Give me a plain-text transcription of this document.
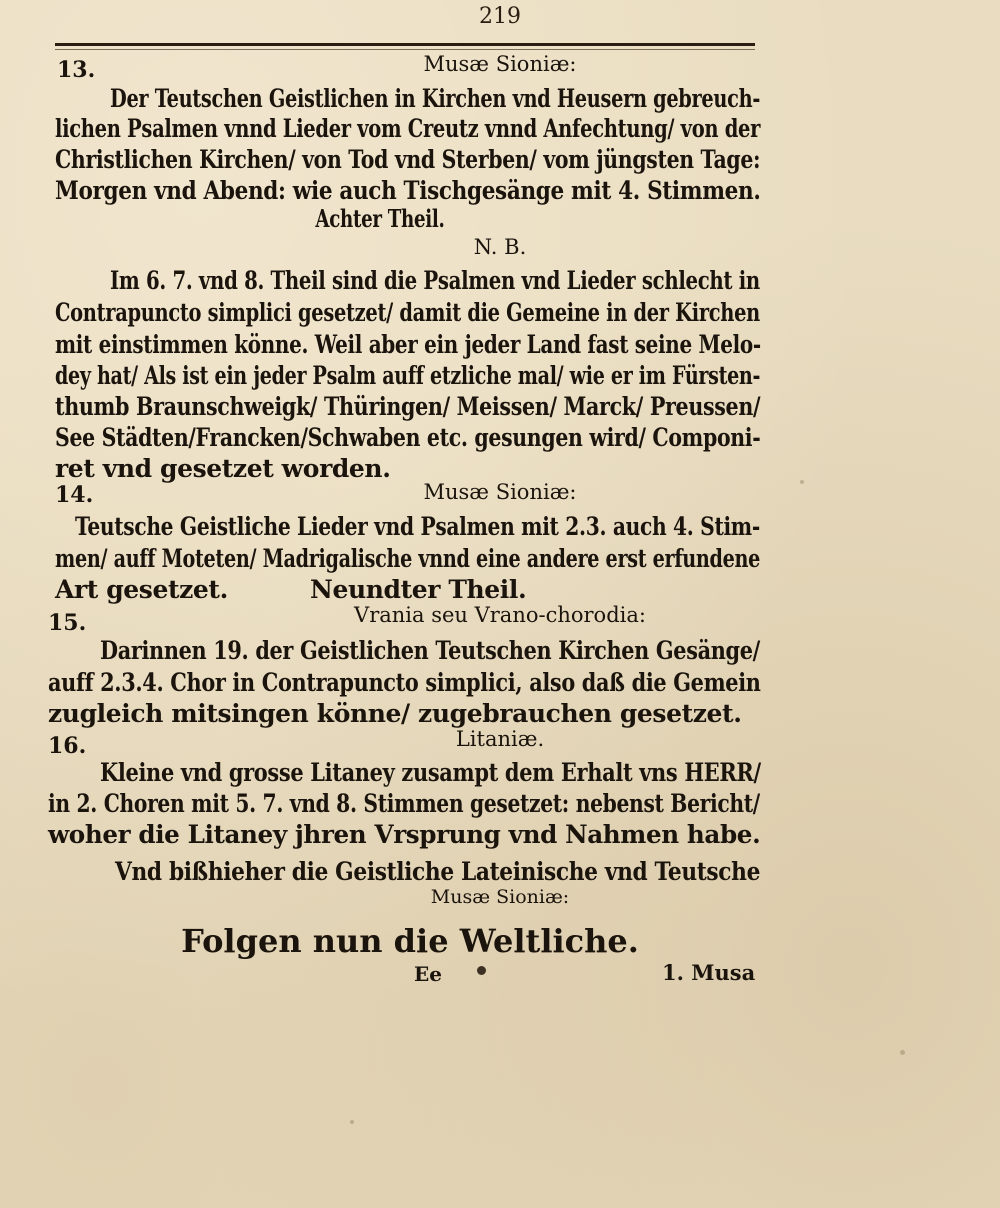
219
13.	Musæ Sioniæ:
Der Teutschen Geistlichen in Kirchen vnd Heusern gebreuch-
lichen Psalmen vnnd Lieder vom Creutz vnnd Anfechtung/ von der
Christlichen Kirchen/ von Tod vnd Sterben/ vom jüngsten Tage:
Morgen vnd Abend: wie auch Tischgesänge mit 4. Stimmen.
Achter Theil.
N. B.
Im 6. 7. vnd 8. Theil sind die Psalmen vnd Lieder schlecht in
Contrapuncto simplici gesetzet/ damit die Gemeine in der Kirchen
mit einstimmen könne. Weil aber ein jeder Land fast seine Melo-
dey hat/ Als ist ein jeder Psalm auff etzliche mal/ wie er im Fürsten-
thumb Braunschweigk/ Thüringen/ Meissen/ Marck/ Preussen/
See Städten/Francken/Schwaben etc. gesungen wird/ Componi-
ret vnd gesetzet worden.
14.	Musæ Sioniæ:
Teutsche Geistliche Lieder vnd Psalmen mit 2.3. auch 4. Stim-
men/ auff Moteten/ Madrigalische vnnd eine andere erst erfundene
Art gesetzet.	Neundter Theil.
15.	Vrania seu Vrano-chorodia:
Darinnen 19. der Geistlichen Teutschen Kirchen Gesänge/
auff 2.3.4. Chor in Contrapuncto simplici, also daß die Gemein
zugleich mitsingen könne/ zugebrauchen gesetzet.
16.	Litaniæ.
Kleine vnd grosse Litaney zusampt dem Erhalt vns HERR/
in 2. Choren mit 5. 7. vnd 8. Stimmen gesetzet: nebenst Bericht/
woher die Litaney jhren Vrsprung vnd Nahmen habe.
Vnd bißhieher die Geistliche Lateinische vnd Teutsche
Musæ Sioniæ:
Folgen nun die Weltliche.
Ee	1. Musa
